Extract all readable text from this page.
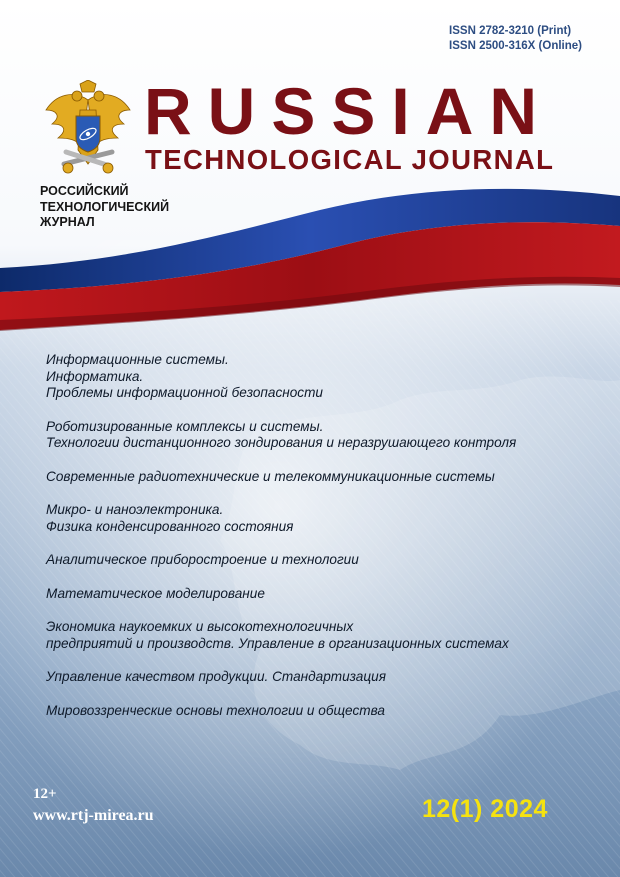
ISSN 2782-3210 (Print)
ISSN 2500-316X (Online)
RUSSIAN
TECHNOLOGICAL JOURNAL
РОССИЙСКИЙ
ТЕХНОЛОГИЧЕСКИЙ
ЖУРНАЛ
Информационные системы.
Информатика.
Проблемы информационной безопасности
Роботизированные комплексы и системы.
Технологии дистанционного зондирования и неразрушающего контроля
Современные радиотехнические и телекоммуникационные системы
Микро- и наноэлектроника.
Физика конденсированного состояния
Аналитическое приборостроение и технологии
Математическое моделирование
Экономика наукоемких и высокотехнологичных
предприятий и производств. Управление в организационных системах
Управление качеством продукции. Стандартизация
Мировоззренческие основы технологии и общества
12+
www.rtj-mirea.ru	12(1) 2024
